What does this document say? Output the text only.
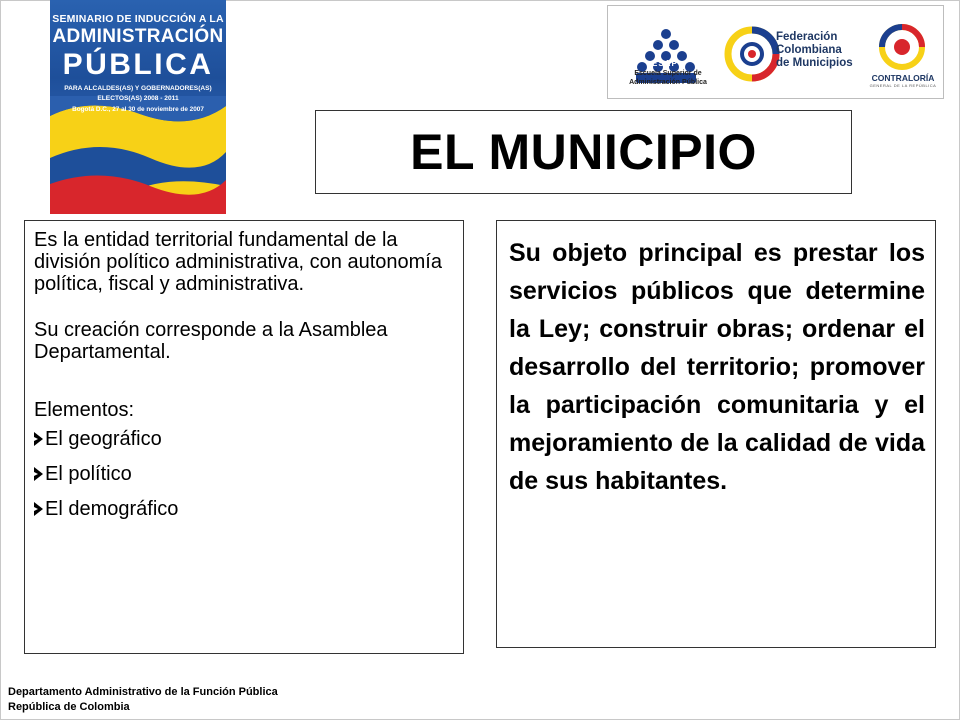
SEMINARIO DE INDUCCIÓN A LA
ADMINISTRACIÓN
PÚBLICA
PARA ALCALDES(AS) Y GOBERNADORES(AS)
ELECTOS(AS) 2008 - 2011
Bogotá D.C., 27 al 30 de noviembre de 2007
Escuela Superior de
Administración Pública
ESAP
Federación
Colombiana
de Municipios
CONTRALORÍA
GENERAL DE LA REPÚBLICA
EL MUNICIPIO

Es la entidad territorial fundamental de la división político administrativa, con autonomía política, fiscal y administrativa.

Su creación corresponde a la Asamblea Departamental.

Elementos:

El geográfico
El político
El demográfico

Su objeto principal es prestar los servicios públicos que determine la Ley; construir obras; ordenar el desarrollo del territorio; promover la participación comunitaria y el mejoramiento de la calidad de vida de sus habitantes.

Departamento Administrativo de la Función Pública
República de Colombia
